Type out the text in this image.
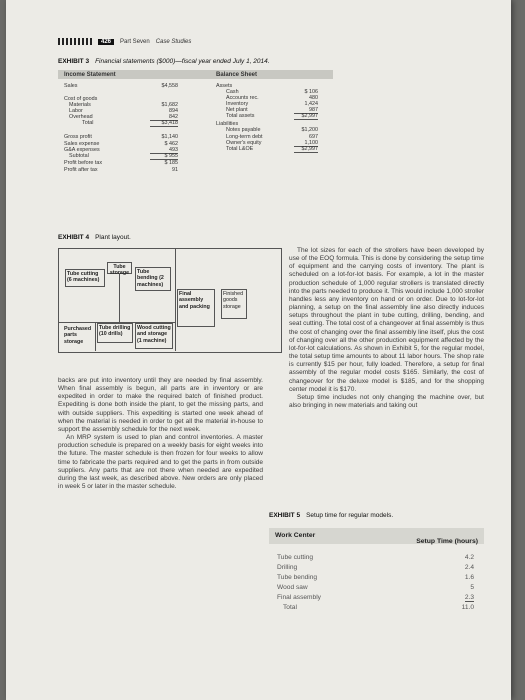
426	Part Seven Case Studies
EXHIBIT 3 Financial statements ($000)—fiscal year ended July 1, 2014.
Income Statement	Balance Sheet
Sales	$4,558
Cost of goods
Materials	$1,682
Labor	894
Overhead	842
Total	$3,418
Gross profit	$1,140
Sales expense	$ 462
G&A expenses	493
Subtotal	$ 955
Profit before tax	$ 185
Profit after tax	91
Assets
Cash	$ 106
Accounts rec.	480
Inventory	1,424
Net plant	987
Total assets	$2,997
Liabilities
Notes payable	$1,200
Long-term debt	697
Owner's equity	1,100
Total L&OE	$2,997
EXHIBIT 4 Plant layout.
Tube cutting (6 machines)
Tube storage	Tube bending (2 machines)
Final assembly and packing
Finished goods storage
Tube drilling (10 drills)
Wood cutting and storage (1 machine)
Purchased parts storage

The lot sizes for each of the strollers have been developed by use of the EOQ formula. This is done by considering the setup time of equipment and the carrying costs of inventory. The plant is scheduled on a lot-for-lot basis. For example, a lot in the master production schedule of 1,000 regular strollers is translated directly into the parts needed to produce it. This would include 1,000 stroller handles less any inventory on hand or on order. Due to lot-for-lot planning, a setup on the final assembly line also directly induces setups throughout the plant in tube cutting, drilling, bending, and seat cutting. The total cost of a changeover at final assembly is thus the cost of changing over the final assembly line itself, plus the cost of changing over all the other production equipment affected by the lot-for-lot calculations. As shown in Exhibit 5, for the regular model, the total setup time amounts to about 11 labor hours. The shop rate is currently $15 per hour, fully loaded. Therefore, a setup for final assembly of the regular model costs $165. Similarly, the cost of changeover for the deluxe model is $185, and for the shopping center model it is $170.

Setup time includes not only changing the machine over, but also bringing in new materials and taking out

backs are put into inventory until they are needed by final assembly. When final assembly is begun, all parts are in inventory or are expedited in order to make the required batch of finished product. Expediting is done both inside the plant, to get the missing parts, and with outside suppliers. This expediting is started one week ahead of when the material is needed in order to get all the material in-house to support the assembly schedule for the next week.

An MRP system is used to plan and control inventories. A master production schedule is prepared on a weekly basis for eight weeks into the future. The master schedule is then frozen for four weeks to allow time to fabricate the parts required and to get the parts in from outside suppliers. Any parts that are not there when needed are expedited during the last week, as described above. New orders are only placed in week 5 or later in the master schedule.

EXHIBIT 5 Setup time for regular models.
Work Center
Setup Time (hours)
Tube cutting	4.2
Drilling	2.4
Tube bending	1.6
Wood saw	5
Final assembly	2.3
Total	11.0
